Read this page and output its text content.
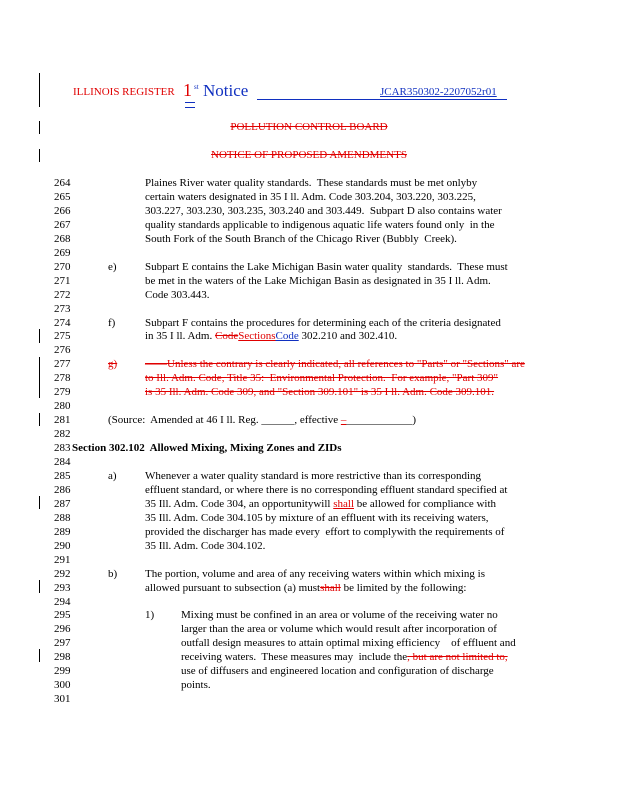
ILLINOIS REGISTER 1 st Notice	JCAR350302-2207052r01
POLLUTION CONTROL BOARD
NOTICE OF PROPOSED AMENDMENTS
264	Plaines River water quality standards.  These standards must be met onlyby
265	certain waters designated in 35 I ll. Adm. Code 303.204, 303.220, 303.225,
266	303.227, 303.230, 303.235, 303.240 and 303.449.  Subpart D also contains water
267	quality standards applicable to indigenous aquatic life waters found only  in the
268	South Fork of the South Branch of the Chicago River (Bubbly  Creek).
269
270	e)	Subpart E contains the Lake Michigan Basin water quality  standards.  These must
271	be met in the waters of the Lake Michigan Basin as designated in 35 I ll. Adm.
272	Code 303.443.
273
274	f)	Subpart F contains the procedures for determining each of the criteria designated
275	in 35 I ll. Adm. CodeSectionsCode 302.210 and 302.410.
276
277	g)	——Unless the contrary is clearly indicated, all references to "Parts" or "Sections" are
278	to Ill. Adm. Code, Title 35:  Environmental Protection.  For example, "Part 309"
279	is 35 Ill. Adm. Code 309, and "Section 309.101" is 35 I ll. Adm. Code 309.101.
280
281	(Source:  Amended at 46 I ll. Reg. ______, effective –____________)
282
283 Section 302.102  Allowed Mixing, Mixing Zones and ZIDs
284
285	a)	Whenever a water quality standard is more restrictive than its corresponding
286	effluent standard, or where there is no corresponding effluent standard specified at
287	35 Ill. Adm. Code 304, an opportunitywill shall be allowed for compliance with
288	35 Ill. Adm. Code 304.105 by mixture of an effluent with its receiving waters,
289	provided the discharger has made every  effort to complywith the requirements of
290	35 Ill. Adm. Code 304.102.
291
292	b)	The portion, volume and area of any receiving waters within which mixing is
293	allowed pursuant to subsection (a) mustshall be limited by the following:
294
295	1) Mixing must be confined in an area or volume of the receiving water no
296	larger than the area or volume which would result after incorporation of
297	outfall design measures to attain optimal mixing efficiency    of effluent and
298	receiving waters.  These measures may  include the, but are not limited to,
299	use of diffusers and engineered location and configuration of discharge
300	points.
301
